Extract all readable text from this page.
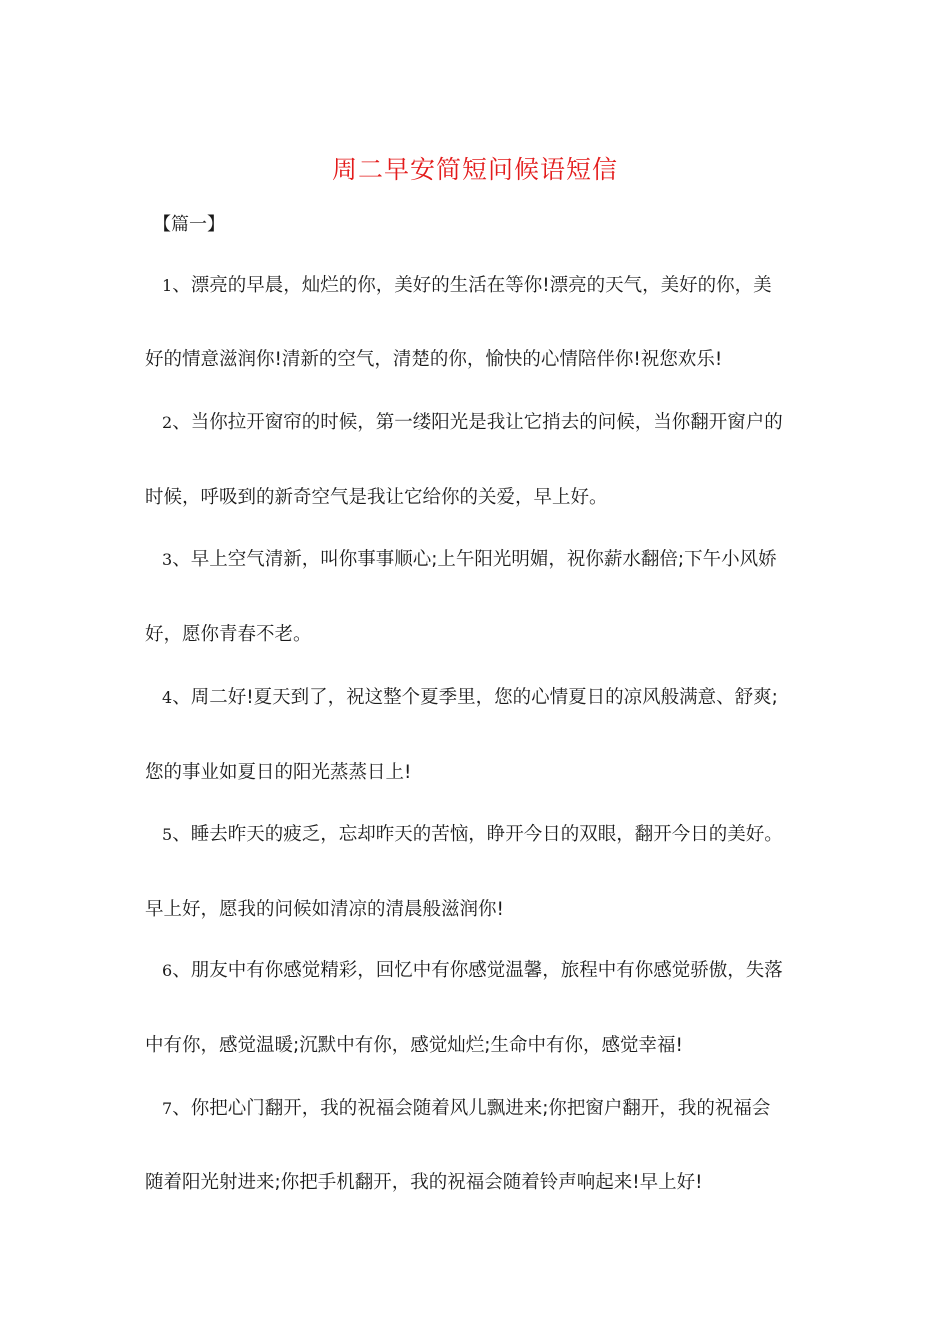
周二早安简短问候语短信
【篇一】
1、漂亮的早晨，灿烂的你，美好的生活在等你!漂亮的天气，美好的你，美
好的情意滋润你!清新的空气，清楚的你，愉快的心情陪伴你!祝您欢乐!
2、当你拉开窗帘的时候，第一缕阳光是我让它捎去的问候，当你翻开窗户的
时候，呼吸到的新奇空气是我让它给你的关爱，早上好。
3、早上空气清新，叫你事事顺心;上午阳光明媚，祝你薪水翻倍;下午小风娇
好，愿你青春不老。
4、周二好!夏天到了，祝这整个夏季里，您的心情夏日的凉风般满意、舒爽;
您的事业如夏日的阳光蒸蒸日上!
5、睡去昨天的疲乏，忘却昨天的苦恼，睁开今日的双眼，翻开今日的美好。
早上好，愿我的问候如清凉的清晨般滋润你!
6、朋友中有你感觉精彩，回忆中有你感觉温馨，旅程中有你感觉骄傲，失落
中有你，感觉温暖;沉默中有你，感觉灿烂;生命中有你，感觉幸福!
7、你把心门翻开，我的祝福会随着风儿飘进来;你把窗户翻开，我的祝福会
随着阳光射进来;你把手机翻开，我的祝福会随着铃声响起来!早上好!
